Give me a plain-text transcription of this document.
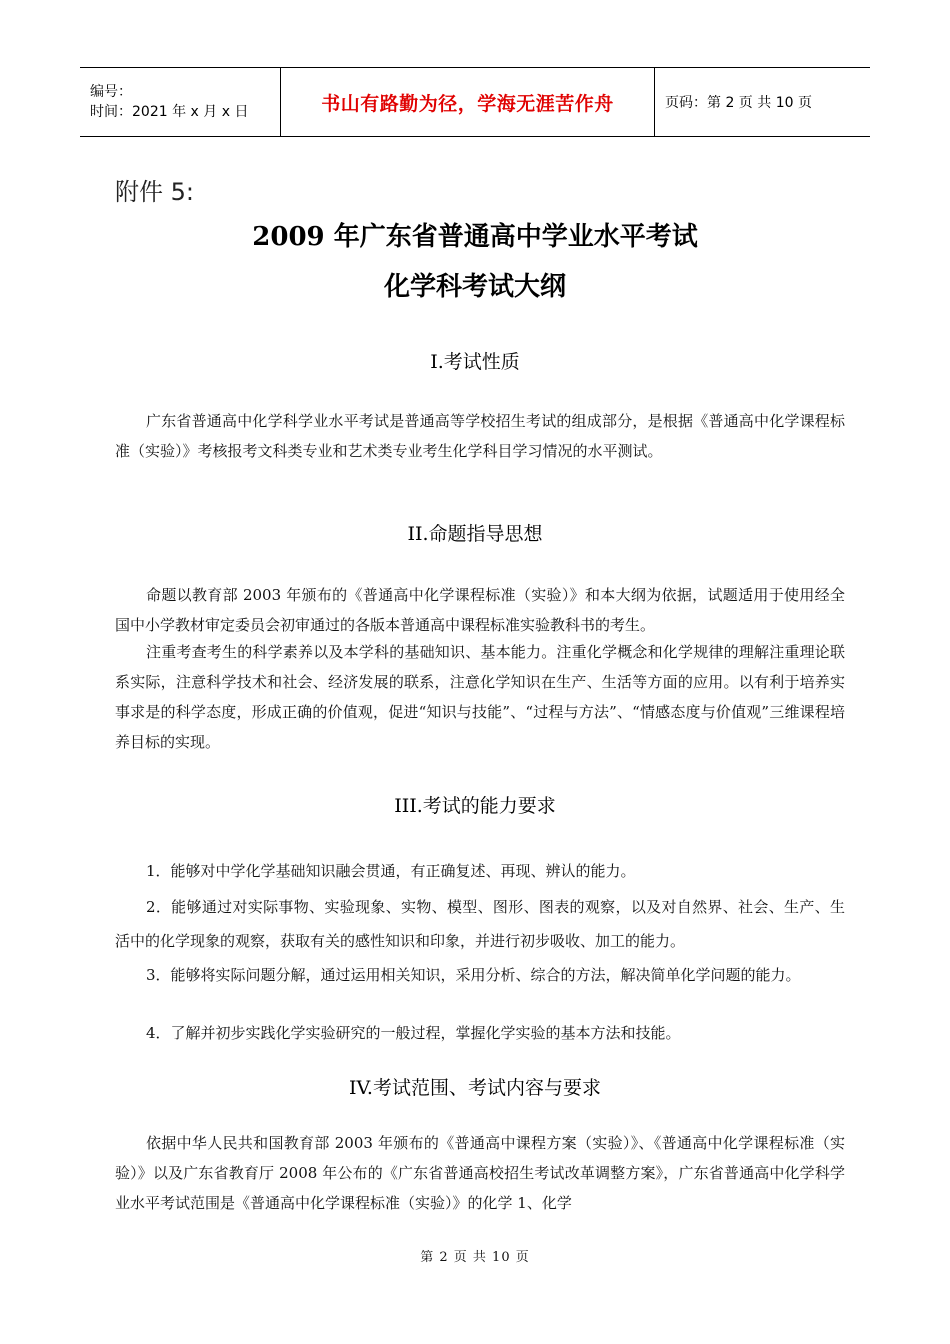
编号：
时间：2021 年 x 月 x 日	书山有路勤为径，学海无涯苦作舟	页码：第 2 页 共 10 页
附件 5:
2009 年广东省普通高中学业水平考试
化学科考试大纲
I.考试性质
广东省普通高中化学科学业水平考试是普通高等学校招生考试的组成部分，是根据《普通高中化学课程标准（实验）》考核报考文科类专业和艺术类专业考生化学科目学习情况的水平测试。
II.命题指导思想
命题以教育部 2003 年颁布的《普通高中化学课程标准（实验）》和本大纲为依据，试题适用于使用经全国中小学教材审定委员会初审通过的各版本普通高中课程标准实验教科书的考生。
注重考查考生的科学素养以及本学科的基础知识、基本能力。注重化学概念和化学规律的理解注重理论联系实际，注意科学技术和社会、经济发展的联系，注意化学知识在生产、生活等方面的应用。以有利于培养实事求是的科学态度，形成正确的价值观，促进“知识与技能”、“过程与方法”、“情感态度与价值观”三维课程培养目标的实现。
III.考试的能力要求
1．能够对中学化学基础知识融会贯通，有正确复述、再现、辨认的能力。
2．能够通过对实际事物、实验现象、实物、模型、图形、图表的观察，以及对自然界、社会、生产、生活中的化学现象的观察，获取有关的感性知识和印象，并进行初步吸收、加工的能力。
3．能够将实际问题分解，通过运用相关知识，采用分析、综合的方法，解决简单化学问题的能力。
4．了解并初步实践化学实验研究的一般过程，掌握化学实验的基本方法和技能。
IV.考试范围、考试内容与要求
依据中华人民共和国教育部 2003 年颁布的《普通高中课程方案（实验）》、《普通高中化学课程标准（实验）》以及广东省教育厅 2008 年公布的《广东省普通高校招生考试改革调整方案》，广东省普通高中化学科学业水平考试范围是《普通高中化学课程标准（实验）》的化学 1、化学
第 2 页 共 10 页
